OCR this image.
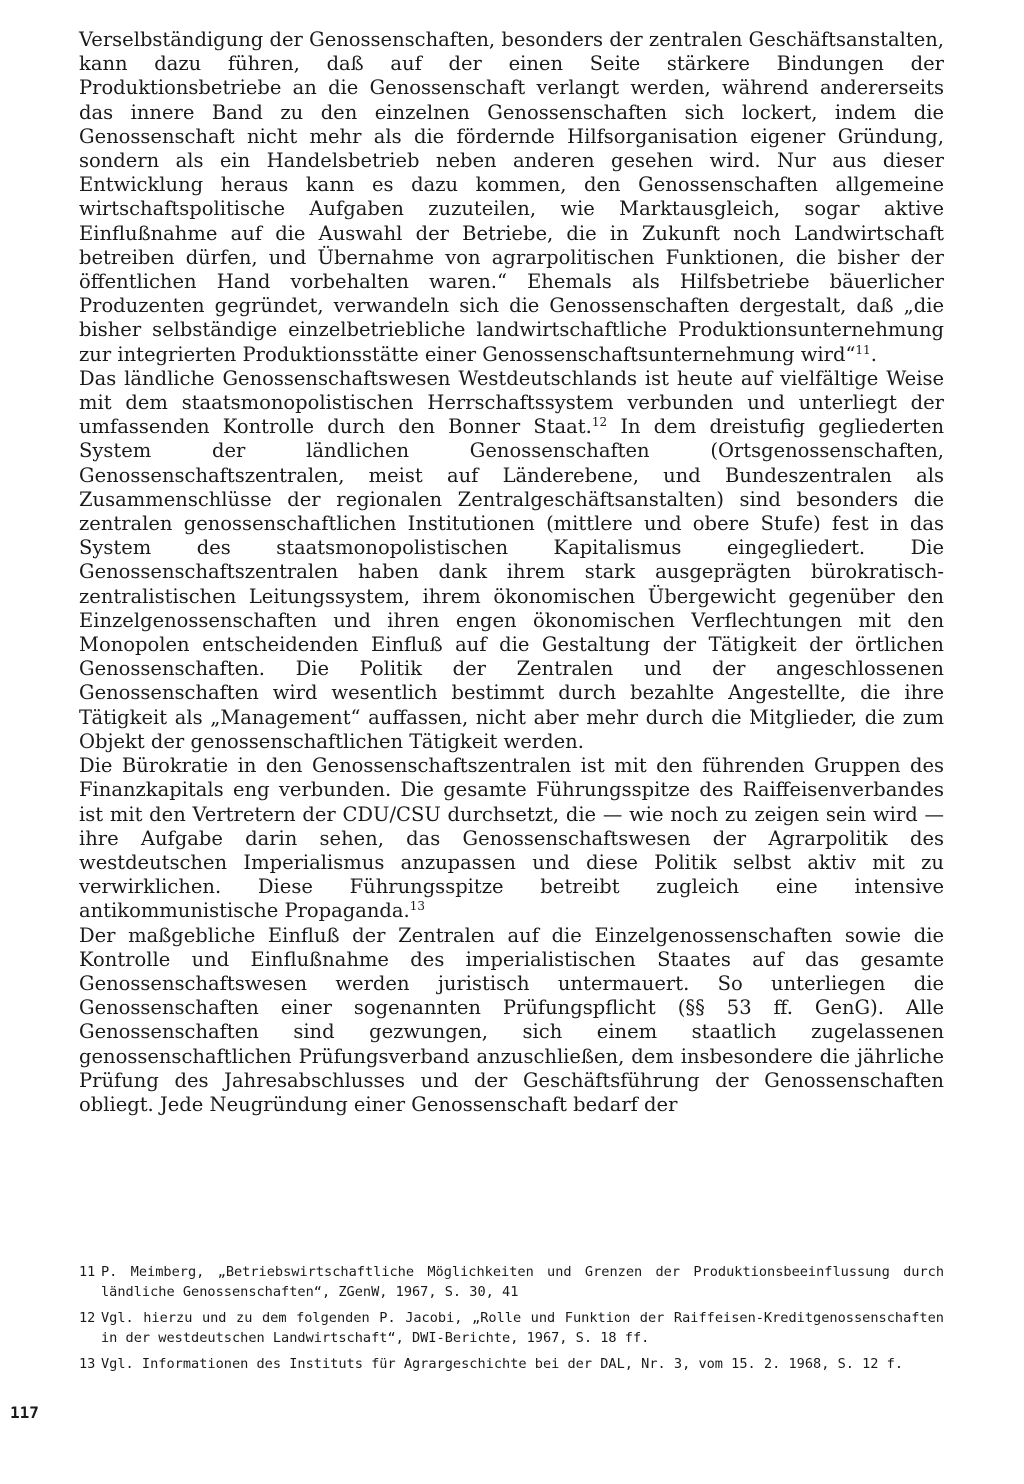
Verselbständigung der Genossenschaften, besonders der zentralen Geschäftsanstalten, kann dazu führen, daß auf der einen Seite stärkere Bindungen der Produktionsbetriebe an die Genossenschaft verlangt werden, während andererseits das innere Band zu den einzelnen Genossenschaften sich lockert, indem die Genossenschaft nicht mehr als die fördernde Hilfsorganisation eigener Gründung, sondern als ein Handelsbetrieb neben anderen gesehen wird. Nur aus dieser Entwicklung heraus kann es dazu kommen, den Genossenschaften allgemeine wirtschaftspolitische Aufgaben zuzuteilen, wie Marktausgleich, sogar aktive Einflußnahme auf die Auswahl der Betriebe, die in Zukunft noch Landwirtschaft betreiben dürfen, und Übernahme von agrarpolitischen Funktionen, die bisher der öffentlichen Hand vorbehalten waren.“ Ehemals als Hilfsbetriebe bäuerlicher Produzenten gegründet, verwandeln sich die Genossenschaften dergestalt, daß „die bisher selbständige einzelbetriebliche landwirtschaftliche Produktionsunternehmung zur integrierten Produktionsstätte einer Genossenschaftsunternehmung wird“$^{11}$.

Das ländliche Genossenschaftswesen Westdeutschlands ist heute auf vielfältige Weise mit dem staatsmonopolistischen Herrschaftssystem verbunden und unterliegt der umfassenden Kontrolle durch den Bonner Staat.$^{12}$ In dem dreistufig gegliederten System der ländlichen Genossenschaften (Ortsgenossenschaften, Genossenschaftszentralen, meist auf Länderebene, und Bundeszentralen als Zusammenschlüsse der regionalen Zentralgeschäftsanstalten) sind besonders die zentralen genossenschaftlichen Institutionen (mittlere und obere Stufe) fest in das System des staatsmonopolistischen Kapitalismus eingegliedert. Die Genossenschaftszentralen haben dank ihrem stark ausgeprägten bürokratisch-zentralistischen Leitungssystem, ihrem ökonomischen Übergewicht gegenüber den Einzelgenossenschaften und ihren engen ökonomischen Verflechtungen mit den Monopolen entscheidenden Einfluß auf die Gestaltung der Tätigkeit der örtlichen Genossenschaften. Die Politik der Zentralen und der angeschlossenen Genossenschaften wird wesentlich bestimmt durch bezahlte Angestellte, die ihre Tätigkeit als „Management“ auffassen, nicht aber mehr durch die Mitglieder, die zum Objekt der genossenschaftlichen Tätigkeit werden.

Die Bürokratie in den Genossenschaftszentralen ist mit den führenden Gruppen des Finanzkapitals eng verbunden. Die gesamte Führungsspitze des Raiffeisenverbandes ist mit den Vertretern der CDU/CSU durchsetzt, die — wie noch zu zeigen sein wird — ihre Aufgabe darin sehen, das Genossenschaftswesen der Agrarpolitik des westdeutschen Imperialismus anzupassen und diese Politik selbst aktiv mit zu verwirklichen. Diese Führungsspitze betreibt zugleich eine intensive antikommunistische Propaganda.$^{13}$

Der maßgebliche Einfluß der Zentralen auf die Einzelgenossenschaften sowie die Kontrolle und Einflußnahme des imperialistischen Staates auf das gesamte Genossenschaftswesen werden juristisch untermauert. So unterliegen die Genossenschaften einer sogenannten Prüfungspflicht (§§ 53 ff. GenG). Alle Genossenschaften sind gezwungen, sich einem staatlich zugelassenen genossenschaftlichen Prüfungsverband anzuschließen, dem insbesondere die jährliche Prüfung des Jahresabschlusses und der Geschäftsführung der Genossenschaften obliegt. Jede Neugründung einer Genossenschaft bedarf der

11 P. Meimberg, „Betriebswirtschaftliche Möglichkeiten und Grenzen der Produktionsbeeinflussung durch ländliche Genossenschaften“, ZGenW, 1967, S. 30, 41
12 Vgl. hierzu und zu dem folgenden P. Jacobi, „Rolle und Funktion der Raiffeisen-Kreditgenossenschaften in der westdeutschen Landwirtschaft“, DWI-Berichte, 1967, S. 18 ff.
13 Vgl. Informationen des Instituts für Agrargeschichte bei der DAL, Nr. 3, vom 15. 2. 1968, S. 12 f.
117
